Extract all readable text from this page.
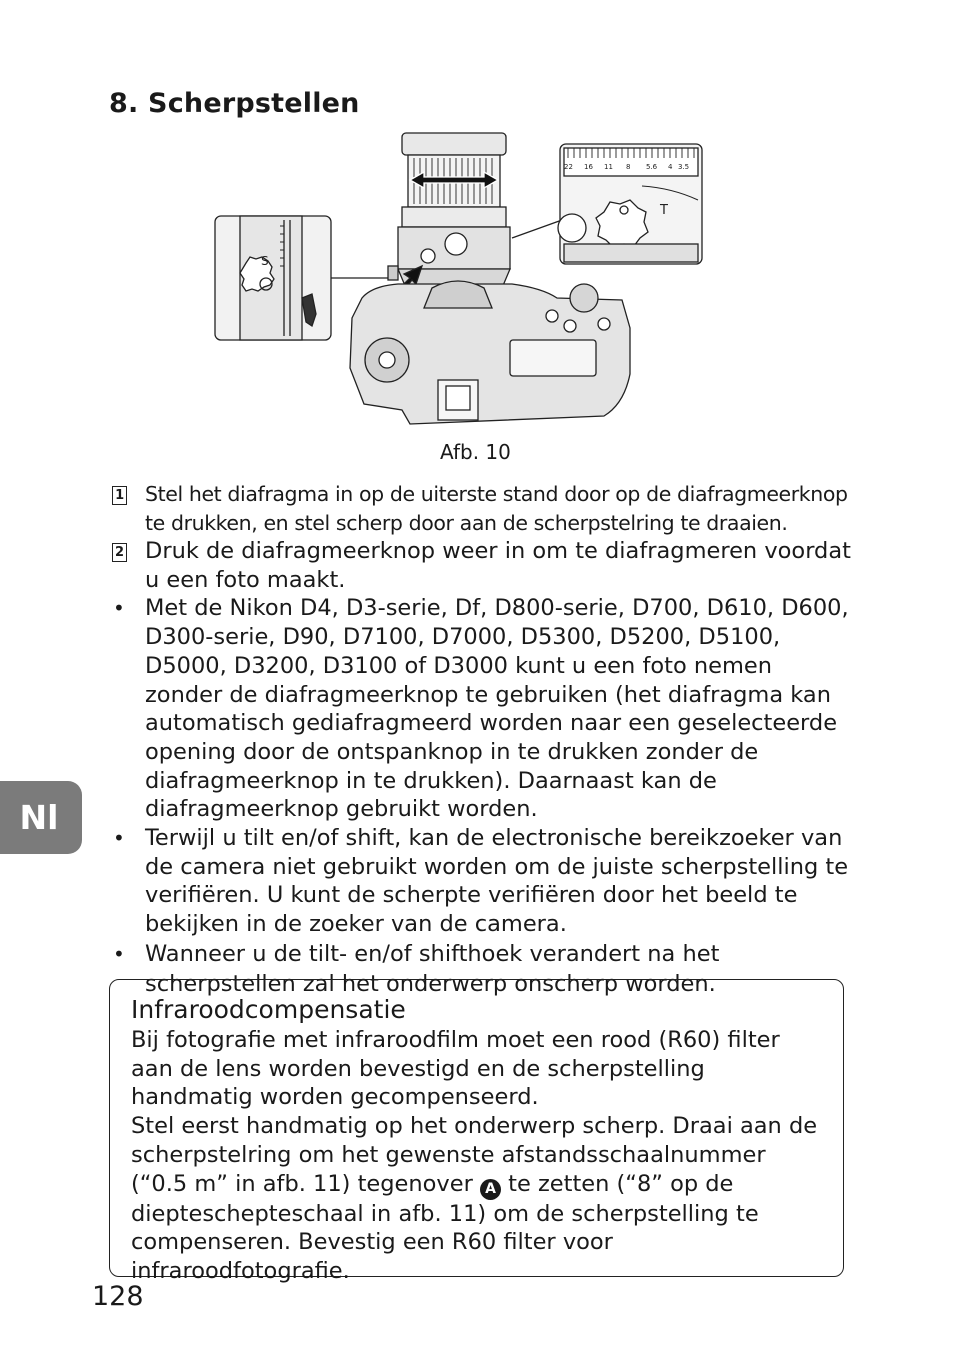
8. Scherpstellen
S
22 16 11 8 5.6 4 3.5
T
Afb. 10
1 Stel het diafragma in op de uiterste stand door op de diafragmeerknop te drukken, en stel scherp door aan de scherpstelring te draaien.
2 Druk de diafragmeerknop weer in om te diafragmeren voordat u een foto maakt.
• Met de Nikon D4, D3-serie, Df, D800-serie, D700, D610, D600, D300-serie, D90, D7100, D7000, D5300, D5200, D5100, D5000, D3200, D3100 of D3000 kunt u een foto nemen zonder de diafragmeerknop te gebruiken (het diafragma kan automatisch gediafragmeerd worden naar een geselecteerde opening door de ontspanknop in te drukken zonder de diafragmeerknop in te drukken). Daarnaast kan de diafragmeerknop gebruikt worden.
• Terwijl u tilt en/of shift, kan de electronische bereikzoeker van de camera niet gebruikt worden om de juiste scherpstelling te verifiëren. U kunt de scherpte verifiëren door het beeld te bekijken in de zoeker van de camera.
• Wanneer u de tilt- en/of shifthoek verandert na het scherpstellen zal het onderwerp onscherp worden.
Infraroodcompensatie
Bij fotografie met infraroodfilm moet een rood (R60) filter aan de lens worden bevestigd en de scherpstelling handmatig worden gecompenseerd.
Stel eerst handmatig op het onderwerp scherp. Draai aan de scherpstelring om het gewenste afstandsschaalnummer (“0.5 m” in afb. 11) tegenover A te zetten (“8” op de diepteschepteschaal in afb. 11) om de scherpstelling te compenseren. Bevestig een R60 filter voor infraroodfotografie.
Nl
128
